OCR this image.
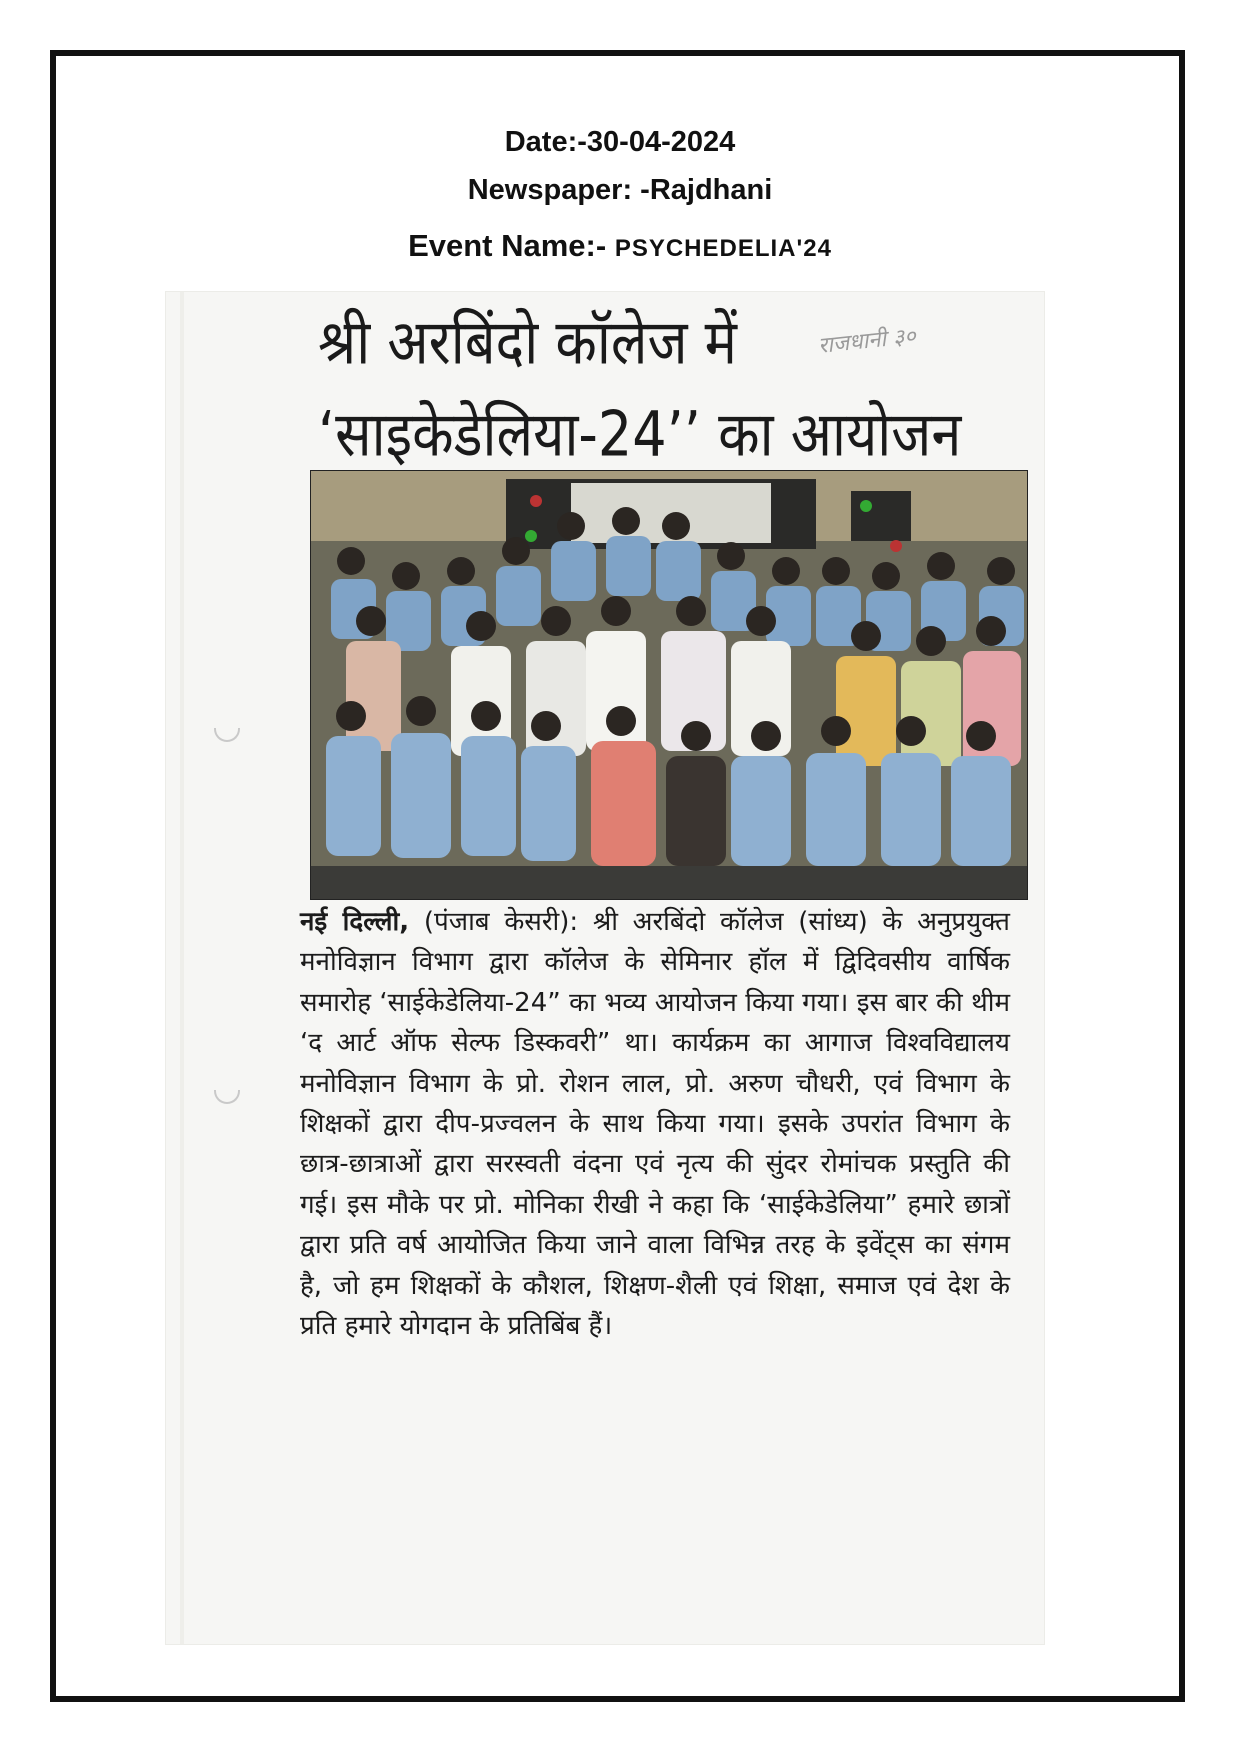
Date:-30-04-2024
Newspaper: -Rajdhani
Event Name:- PSYCHEDELIA'24
राजधानी ३०
श्री अरबिंदो कॉलेज में
‘साइकेडेलिया-24’’ का आयोजन
नई दिल्ली, (पंजाब केसरी): श्री अरबिंदो कॉलेज (सांध्य) के अनुप्रयुक्त मनोविज्ञान विभाग द्वारा कॉलेज के सेमिनार हॉल में द्विदिवसीय वार्षिक समारोह ‘साईकेडेलिया-24” का भव्य आयोजन किया गया। इस बार की थीम ‘द आर्ट ऑफ सेल्फ डिस्कवरी” था। कार्यक्रम का आगाज विश्वविद्यालय मनोविज्ञान विभाग के प्रो. रोशन लाल, प्रो. अरुण चौधरी, एवं विभाग के शिक्षकों द्वारा दीप-प्रज्वलन के साथ किया गया। इसके उपरांत विभाग के छात्र-छात्राओं द्वारा सरस्वती वंदना एवं नृत्य की सुंदर रोमांचक प्रस्तुति की गई। इस मौके पर प्रो. मोनिका रीखी ने कहा कि ‘साईकेडेलिया” हमारे छात्रों द्वारा प्रति वर्ष आयोजित किया जाने वाला विभिन्न तरह के इवेंट्स का संगम है, जो हम शिक्षकों के कौशल, शिक्षण-शैली एवं शिक्षा, समाज एवं देश के प्रति हमारे योगदान के प्रतिबिंब हैं।
